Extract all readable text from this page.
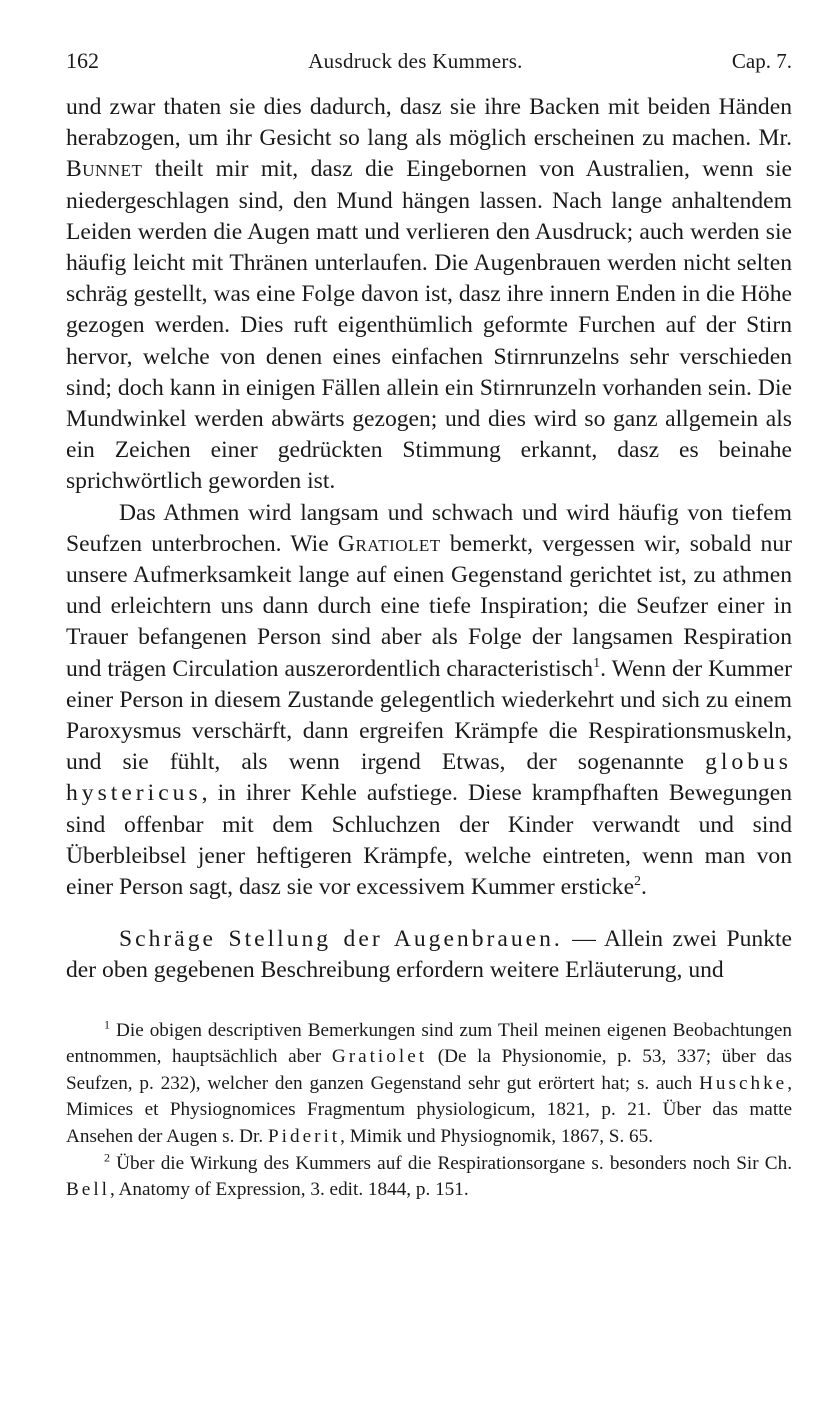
162	Ausdruck des Kummers.	Cap. 7.

und zwar thaten sie dies dadurch, dasz sie ihre Backen mit beiden Händen herabzogen, um ihr Gesicht so lang als möglich erscheinen zu machen. Mr. Bunnet theilt mir mit, dasz die Eingebornen von Australien, wenn sie niedergeschlagen sind, den Mund hängen lassen. Nach lange anhaltendem Leiden werden die Augen matt und verlieren den Ausdruck; auch werden sie häufig leicht mit Thränen unterlaufen. Die Augenbrauen werden nicht selten schräg gestellt, was eine Folge davon ist, dasz ihre innern Enden in die Höhe gezogen werden. Dies ruft eigenthümlich geformte Furchen auf der Stirn hervor, welche von denen eines einfachen Stirnrunzelns sehr verschieden sind; doch kann in einigen Fällen allein ein Stirnrunzeln vorhanden sein. Die Mundwinkel werden abwärts gezogen; und dies wird so ganz allgemein als ein Zeichen einer gedrückten Stimmung erkannt, dasz es beinahe sprichwörtlich geworden ist.

Das Athmen wird langsam und schwach und wird häufig von tiefem Seufzen unterbrochen. Wie Gratiolet bemerkt, vergessen wir, sobald nur unsere Aufmerksamkeit lange auf einen Gegenstand gerichtet ist, zu athmen und erleichtern uns dann durch eine tiefe Inspiration; die Seufzer einer in Trauer befangenen Person sind aber als Folge der langsamen Respiration und trägen Circulation auszerordentlich characteristisch$^1$. Wenn der Kummer einer Person in diesem Zustande gelegentlich wiederkehrt und sich zu einem Paroxysmus verschärft, dann ergreifen Krämpfe die Respirationsmuskeln, und sie fühlt, als wenn irgend Etwas, der sogenannte globus hystericus, in ihrer Kehle aufstiege. Diese krampfhaften Bewegungen sind offenbar mit dem Schluchzen der Kinder verwandt und sind Überbleibsel jener heftigeren Krämpfe, welche eintreten, wenn man von einer Person sagt, dasz sie vor excessivem Kummer ersticke$^2$.

Schräge Stellung der Augenbrauen. — Allein zwei Punkte der oben gegebenen Beschreibung erfordern weitere Erläuterung, und

$^1$ Die obigen descriptiven Bemerkungen sind zum Theil meinen eigenen Beobachtungen entnommen, hauptsächlich aber Gratiolet (De la Physionomie, p. 53, 337; über das Seufzen, p. 232), welcher den ganzen Gegenstand sehr gut erörtert hat; s. auch Huschke, Mimices et Physiognomices Fragmentum physiologicum, 1821, p. 21. Über das matte Ansehen der Augen s. Dr. Piderit, Mimik und Physiognomik, 1867, S. 65.

$^2$ Über die Wirkung des Kummers auf die Respirationsorgane s. besonders noch Sir Ch. Bell, Anatomy of Expression, 3. edit. 1844, p. 151.
